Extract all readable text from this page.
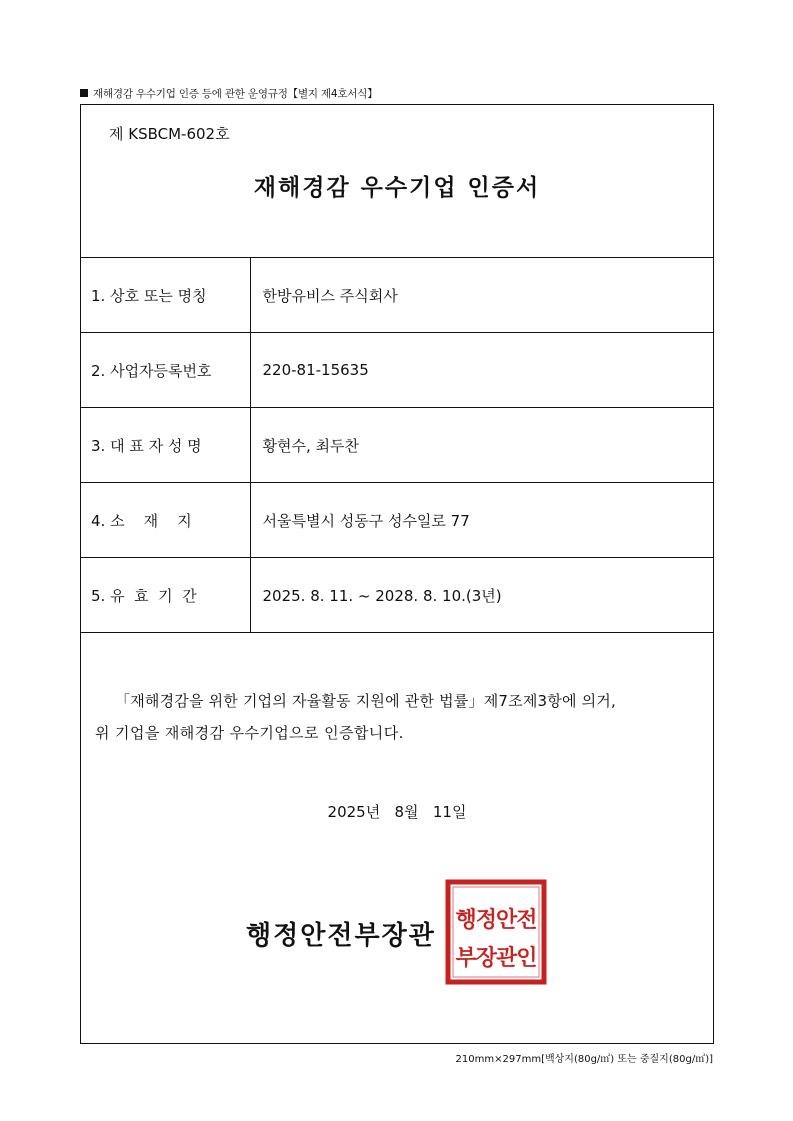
재해경감 우수기업 인증 등에 관한 운영규정【별지 제4호서식】
제 KSBCM-602호
재해경감 우수기업 인증서
1. 상호 또는 명칭	한방유비스 주식회사
2. 사업자등록번호	220-81-15635
3. 대 표 자 성 명	황현수, 최두찬
4. 소    재    지	서울특별시 성동구 성수일로 77
5. 유  효  기  간	2025. 8. 11. ~ 2028. 8. 10.(3년)
「재해경감을 위한 기업의 자율활동 지원에 관한 법률」제7조제3항에 의거,
위 기업을 재해경감 우수기업으로 인증합니다.
2025년   8월   11일
행정안전부장관
행정안전
부장관인
210mm×297mm[백상지(80g/㎡) 또는 중질지(80g/㎡)]
